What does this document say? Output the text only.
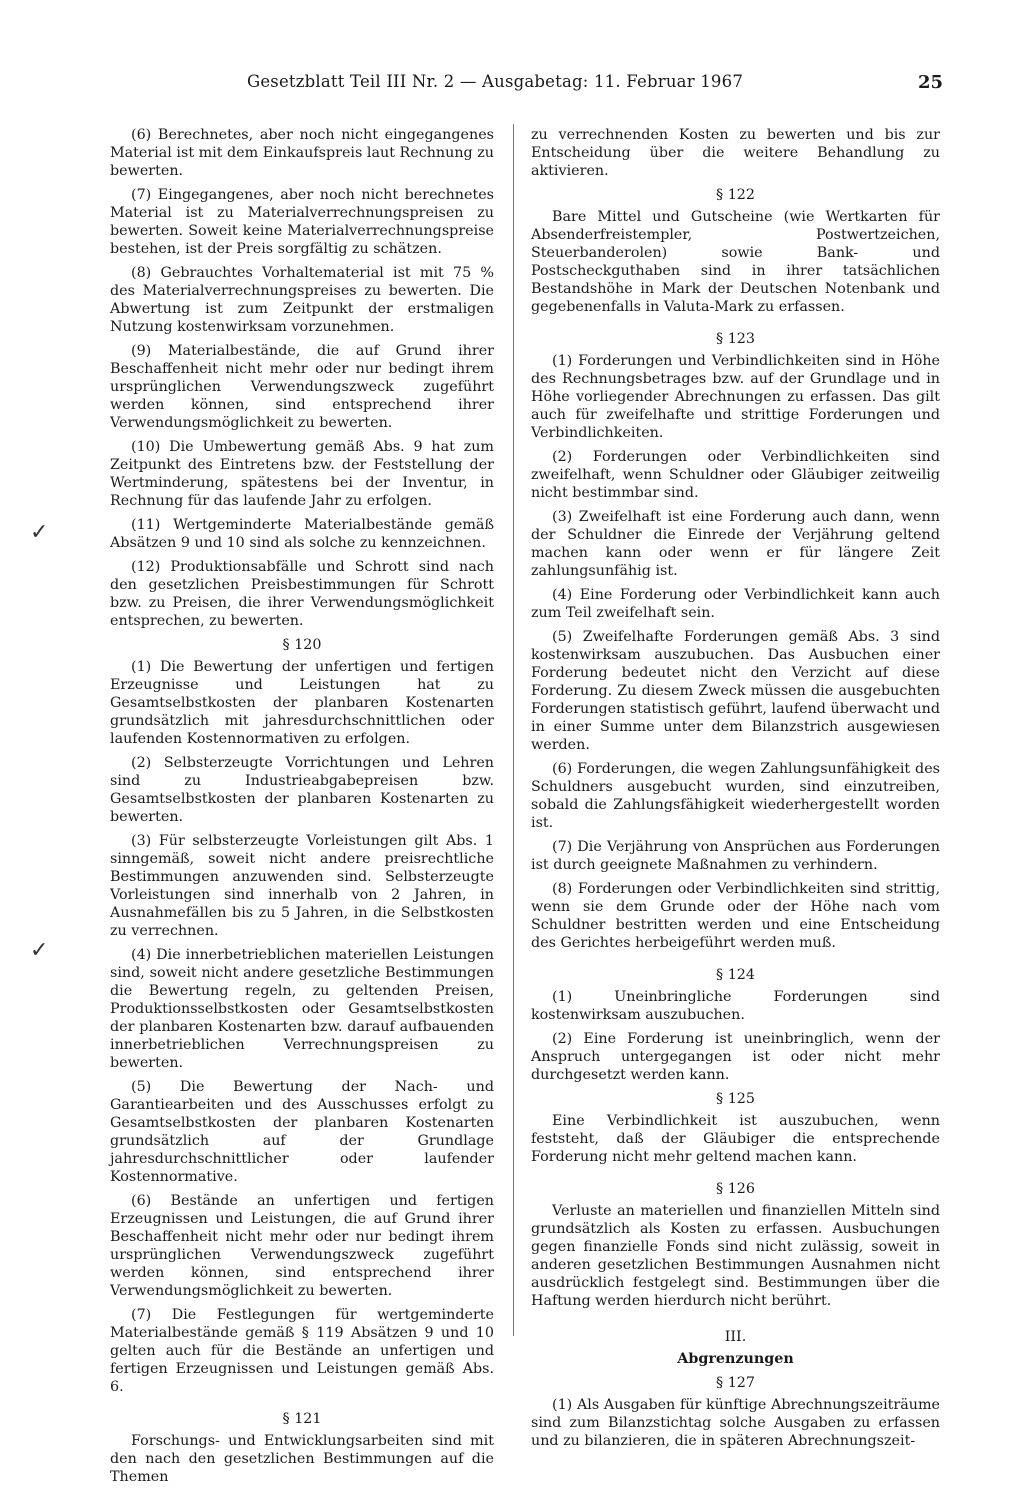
Gesetzblatt Teil III Nr. 2 — Ausgabetag: 11. Februar 1967	25
✓
✓

(6) Berechnetes, aber noch nicht eingegangenes Material ist mit dem Einkaufspreis laut Rechnung zu bewerten.

(7) Eingegangenes, aber noch nicht berechnetes Material ist zu Materialverrechnungspreisen zu bewerten. Soweit keine Materialverrechnungspreise bestehen, ist der Preis sorgfältig zu schätzen.

(8) Gebrauchtes Vorhaltematerial ist mit 75 % des Materialverrechnungspreises zu bewerten. Die Abwertung ist zum Zeitpunkt der erstmaligen Nutzung kostenwirksam vorzunehmen.

(9) Materialbestände, die auf Grund ihrer Beschaffenheit nicht mehr oder nur bedingt ihrem ursprünglichen Verwendungszweck zugeführt werden können, sind entsprechend ihrer Verwendungsmöglichkeit zu bewerten.

(10) Die Umbewertung gemäß Abs. 9 hat zum Zeitpunkt des Eintretens bzw. der Feststellung der Wertminderung, spätestens bei der Inventur, in Rechnung für das laufende Jahr zu erfolgen.

(11) Wertgeminderte Materialbestände gemäß Absätzen 9 und 10 sind als solche zu kennzeichnen.

(12) Produktionsabfälle und Schrott sind nach den gesetzlichen Preisbestimmungen für Schrott bzw. zu Preisen, die ihrer Verwendungsmöglichkeit entsprechen, zu bewerten.

§ 120

(1) Die Bewertung der unfertigen und fertigen Erzeugnisse und Leistungen hat zu Gesamtselbstkosten der planbaren Kostenarten grundsätzlich mit jahresdurchschnittlichen oder laufenden Kostennormativen zu erfolgen.

(2) Selbsterzeugte Vorrichtungen und Lehren sind zu Industrieabgabepreisen bzw. Gesamtselbstkosten der planbaren Kostenarten zu bewerten.

(3) Für selbsterzeugte Vorleistungen gilt Abs. 1 sinngemäß, soweit nicht andere preisrechtliche Bestimmungen anzuwenden sind. Selbsterzeugte Vorleistungen sind innerhalb von 2 Jahren, in Ausnahmefällen bis zu 5 Jahren, in die Selbstkosten zu verrechnen.

(4) Die innerbetrieblichen materiellen Leistungen sind, soweit nicht andere gesetzliche Bestimmungen die Bewertung regeln, zu geltenden Preisen, Produktionsselbstkosten oder Gesamtselbstkosten der planbaren Kostenarten bzw. darauf aufbauenden innerbetrieblichen Verrechnungspreisen zu bewerten.

(5) Die Bewertung der Nach- und Garantiearbeiten und des Ausschusses erfolgt zu Gesamtselbstkosten der planbaren Kostenarten grundsätzlich auf der Grundlage jahresdurchschnittlicher oder laufender Kostennormative.

(6) Bestände an unfertigen und fertigen Erzeugnissen und Leistungen, die auf Grund ihrer Beschaffenheit nicht mehr oder nur bedingt ihrem ursprünglichen Verwendungszweck zugeführt werden können, sind entsprechend ihrer Verwendungsmöglichkeit zu bewerten.

(7) Die Festlegungen für wertgeminderte Materialbestände gemäß § 119 Absätzen 9 und 10 gelten auch für die Bestände an unfertigen und fertigen Erzeugnissen und Leistungen gemäß Abs. 6.

§ 121

Forschungs- und Entwicklungsarbeiten sind mit den nach den gesetzlichen Bestimmungen auf die Themen

zu verrechnenden Kosten zu bewerten und bis zur Entscheidung über die weitere Behandlung zu aktivieren.

§ 122

Bare Mittel und Gutscheine (wie Wertkarten für Absenderfreistempler, Postwertzeichen, Steuerbanderolen) sowie Bank- und Postscheckguthaben sind in ihrer tatsächlichen Bestandshöhe in Mark der Deutschen Notenbank und gegebenenfalls in Valuta-Mark zu erfassen.

§ 123

(1) Forderungen und Verbindlichkeiten sind in Höhe des Rechnungsbetrages bzw. auf der Grundlage und in Höhe vorliegender Abrechnungen zu erfassen. Das gilt auch für zweifelhafte und strittige Forderungen und Verbindlichkeiten.

(2) Forderungen oder Verbindlichkeiten sind zweifelhaft, wenn Schuldner oder Gläubiger zeitweilig nicht bestimmbar sind.

(3) Zweifelhaft ist eine Forderung auch dann, wenn der Schuldner die Einrede der Verjährung geltend machen kann oder wenn er für längere Zeit zahlungsunfähig ist.

(4) Eine Forderung oder Verbindlichkeit kann auch zum Teil zweifelhaft sein.

(5) Zweifelhafte Forderungen gemäß Abs. 3 sind kostenwirksam auszubuchen. Das Ausbuchen einer Forderung bedeutet nicht den Verzicht auf diese Forderung. Zu diesem Zweck müssen die ausgebuchten Forderungen statistisch geführt, laufend überwacht und in einer Summe unter dem Bilanzstrich ausgewiesen werden.

(6) Forderungen, die wegen Zahlungsunfähigkeit des Schuldners ausgebucht wurden, sind einzutreiben, sobald die Zahlungsfähigkeit wiederhergestellt worden ist.

(7) Die Verjährung von Ansprüchen aus Forderungen ist durch geeignete Maßnahmen zu verhindern.

(8) Forderungen oder Verbindlichkeiten sind strittig, wenn sie dem Grunde oder der Höhe nach vom Schuldner bestritten werden und eine Entscheidung des Gerichtes herbeigeführt werden muß.

§ 124

(1) Uneinbringliche Forderungen sind kostenwirksam auszubuchen.

(2) Eine Forderung ist uneinbringlich, wenn der Anspruch untergegangen ist oder nicht mehr durchgesetzt werden kann.

§ 125

Eine Verbindlichkeit ist auszubuchen, wenn feststeht, daß der Gläubiger die entsprechende Forderung nicht mehr geltend machen kann.

§ 126

Verluste an materiellen und finanziellen Mitteln sind grundsätzlich als Kosten zu erfassen. Ausbuchungen gegen finanzielle Fonds sind nicht zulässig, soweit in anderen gesetzlichen Bestimmungen Ausnahmen nicht ausdrücklich festgelegt sind. Bestimmungen über die Haftung werden hierdurch nicht berührt.

III.
Abgrenzungen
§ 127

(1) Als Ausgaben für künftige Abrechnungszeiträume sind zum Bilanzstichtag solche Ausgaben zu erfassen und zu bilanzieren, die in späteren Abrechnungszeit-
